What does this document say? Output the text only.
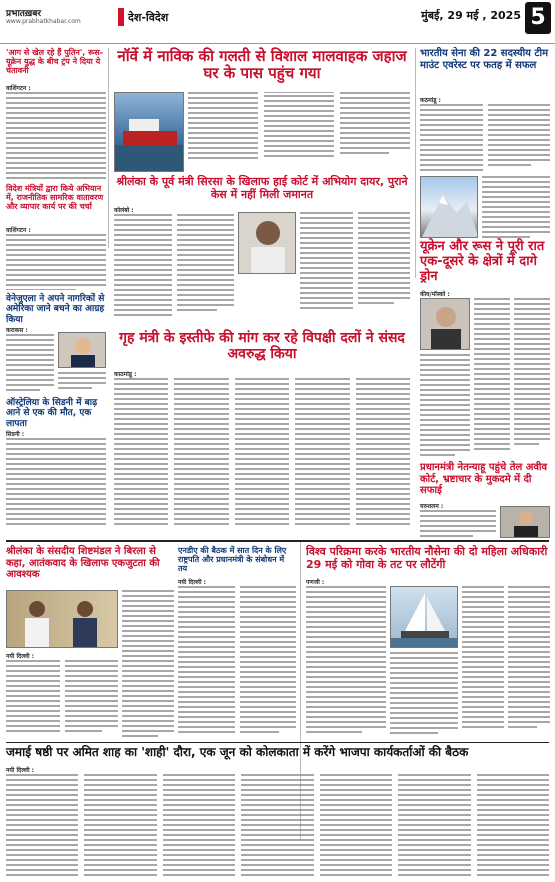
प्रभातख़बर
www.prabhatkhabar.com	देश-विदेश	मुंबई, 29 मई , 2025 5
'आग से खेल रहे हैं पुतिन', रूस-यूक्रेन युद्ध के बीच ट्रंप ने दिया ये चेतावनी
वाशिंगटन :
नॉर्वे में नाविक की गलती से विशाल मालवाहक जहाज घर के पास पहुंच गया
भारतीय सेना की 22 सदस्यीय टीम माउंट एवरेस्ट पर फतह में सफल
कठमांडू :
विदेश मंत्रियों द्वारा किये अभियान में, राजनीतिक सामरिक वातावरण और व्यापार कार्य पर की चर्चा
वाशिंगटन :
श्रीलंका के पूर्व मंत्री सिरसा के खिलाफ हाई कोर्ट में अभियोग दायर, पुराने केस में नहीं मिली जमानत
कोलंबो :
यूक्रेन और रूस ने पूरी रात एक-दूसरे के क्षेत्रों में दागे ड्रोन
कीव/मॉस्को :
वेनेजुएला ने अपने नागरिकों से अमेरिका जाने बचने का आग्रह किया
कराकस :
ऑस्ट्रेलिया के सिडनी में बाढ़ आने से एक की मौत, एक लापता
सिडनी :
गृह मंत्री के इस्तीफे की मांग कर रहे विपक्षी दलों ने संसद अवरुद्ध किया
काठमांडू :
प्रधानमंत्री नेतन्याहू पहुंचे तेल अवीव कोर्ट, भ्रष्टाचार के मुकदमे में दी सफाई
यरुशलम :
श्रीलंका के संसदीय शिष्टमंडल ने बिरला से कहा, आतंकवाद के खिलाफ एकजुटता की आवश्यक
नयी दिल्ली :
एनडीए की बैठक में सात दिन के लिए राष्ट्रपति और प्रधानमंत्री के संबोधन में तय
नयी दिल्ली :
विश्व परिक्रमा करके भारतीय नौसेना की दो महिला अधिकारी 29 मई को गोवा के तट पर लौटेंगी
पणजी :
जमाई षष्ठी पर अमित शाह का 'शाही' दौरा, एक जून को कोलकाता में करेंगे भाजपा कार्यकर्ताओं की बैठक
नयी दिल्ली :
